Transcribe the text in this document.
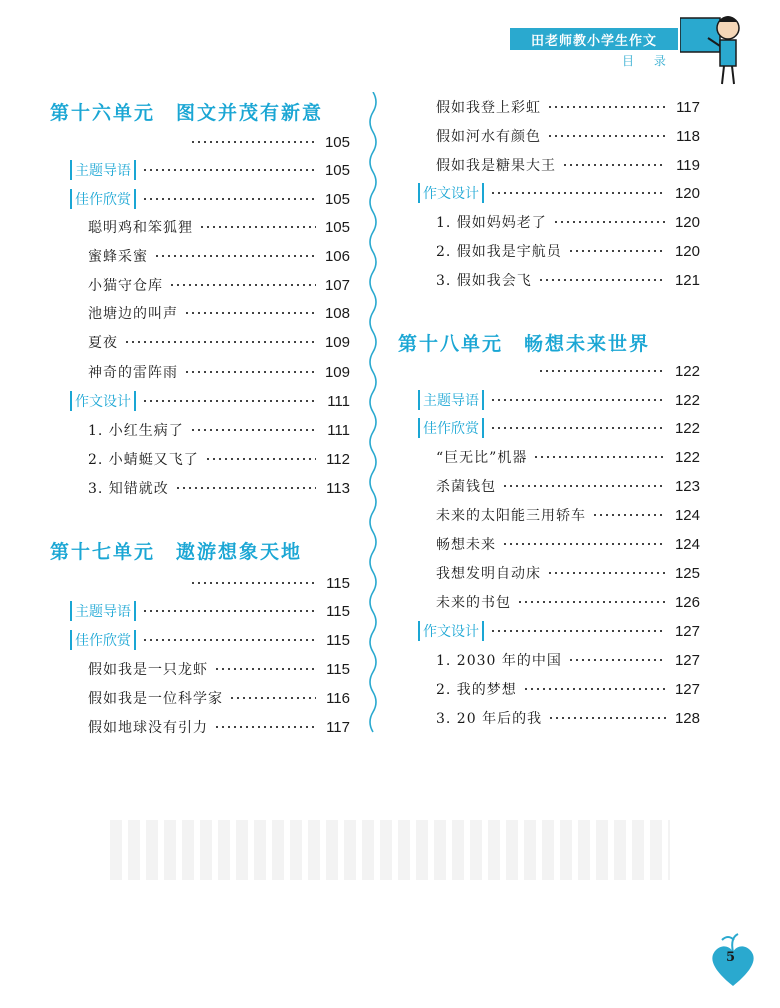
田老师教小学生作文
目 录
第十六单元　图文并茂有新意
105
主题导语	105
佳作欣赏	105
聪明鸡和笨狐狸	105
蜜蜂采蜜	106
小猫守仓库	107
池塘边的叫声	108
夏夜	109
神奇的雷阵雨	109
作文设计	111
1. 小红生病了	111
2. 小蜻蜓又飞了	112
3. 知错就改	113
第十七单元　遨游想象天地
115
主题导语	115
佳作欣赏	115
假如我是一只龙虾	115
假如我是一位科学家	116
假如地球没有引力	117
假如我登上彩虹	117
假如河水有颜色	118
假如我是糖果大王	119
作文设计	120
1. 假如妈妈老了	120
2. 假如我是宇航员	120
3. 假如我会飞	121
第十八单元　畅想未来世界
122
主题导语	122
佳作欣赏	122
“巨无比”机器	122
杀菌钱包	123
未来的太阳能三用轿车	124
畅想未来	124
我想发明自动床	125
未来的书包	126
作文设计	127
1. 2030 年的中国	127
2. 我的梦想	127
3. 20 年后的我	128
5
